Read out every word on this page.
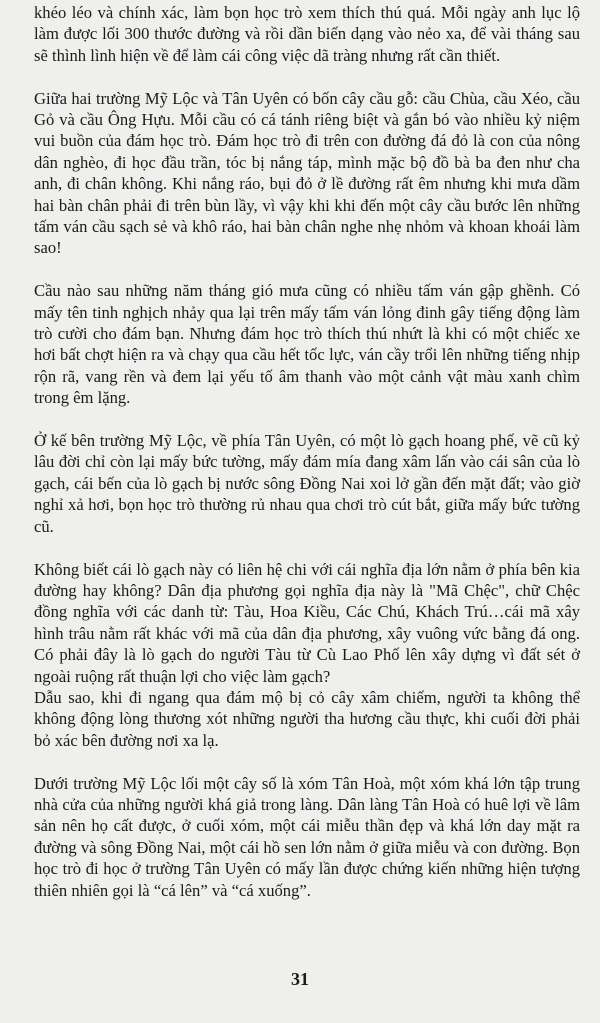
khéo léo và chính xác, làm bọn học trò xem thích thú quá. Mỗi ngày anh lục lộ làm được lối 300 thước đường và rồi dần biến dạng vào nẻo xa, để vài tháng sau sẽ thình lình hiện về để làm cái công việc dã tràng nhưng rất cần thiết.

Giữa hai trường Mỹ Lộc và Tân Uyên có bốn cây cầu gỗ: cầu Chùa, cầu Xéo, cầu Gỏ và cầu Ông Hựu. Mỗi cầu có cá tánh riêng biệt và gắn bó vào nhiều kỷ niệm vui buồn của đám học trò. Đám học trò đi trên con đường đá đỏ là con của nông dân nghèo, đi học đầu trần, tóc bị nắng táp, mình mặc bộ đồ bà ba đen như cha anh, đi chân không. Khi nắng ráo, bụi đỏ ở lề đường rất êm nhưng khi mưa dầm hai bàn chân phải đi trên bùn lầy, vì vậy khi khi đến một cây cầu bước lên những tấm ván cầu sạch sẻ và khô ráo, hai bàn chân nghe nhẹ nhỏm và khoan khoái làm sao!

Cầu nào sau những năm tháng gió mưa cũng có nhiều tấm ván gập ghềnh. Có mấy tên tinh nghịch nhảy qua lại trên mấy tấm ván lỏng đinh gây tiếng động làm trò cười cho đám bạn. Nhưng đám học trò thích thú nhứt là khi có một chiếc xe hơi bất chợt hiện ra và chạy qua cầu hết tốc lực, ván cầy trổi lên những tiếng nhịp rộn rã, vang rền và đem lại yếu tố âm thanh vào một cảnh vật màu xanh chìm trong êm lặng.

Ở kế bên trường Mỹ Lộc, về phía Tân Uyên, có một lò gạch hoang phế, vẽ cũ kỷ lâu đời chỉ còn lại mấy bức tường, mấy đám mía đang xâm lấn vào cái sân của lò gạch, cái bến của lò gạch bị nước sông Đồng Nai xoi lở gần đến mặt đất; vào giờ nghỉ xả hơi, bọn học trò thường rủ nhau qua chơi trò cút bắt, giữa mấy bức tường cũ.

Không biết cái lò gạch này có liên hệ chi với cái nghĩa địa lớn nằm ở phía bên kia đường hay không? Dân địa phương gọi nghĩa địa này là "Mã Chệc", chữ Chệc đồng nghĩa với các danh từ: Tàu, Hoa Kiều, Các Chú, Khách Trú…cái mã xây hình trâu nằm rất khác với mã của dân địa phương, xây vuông vức bằng đá ong. Có phải đây là lò gạch do người Tàu từ Cù Lao Phố lên xây dựng vì đất sét ở ngoài ruộng rất thuận lợi cho việc làm gạch?

Dẫu sao, khi đi ngang qua đám mộ bị cỏ cây xâm chiếm, người ta không thể không động lòng thương xót những người tha hương cầu thực, khi cuối đời phải bỏ xác bên đường nơi xa lạ.

Dưới trường Mỹ Lộc lối một cây số là xóm Tân Hoà, một xóm khá lớn tập trung nhà cửa của những người khá giả trong làng. Dân làng Tân Hoà có huê lợi về lâm sản nên họ cất được, ở cuối xóm, một cái miễu thần đẹp và khá lớn day mặt ra đường và sông Đồng Nai, một cái hồ sen lớn nằm ở giữa miễu và con đường. Bọn học trò đi học ở trường Tân Uyên có mấy lần được chứng kiến những hiện tượng thiên nhiên gọi là “cá lên” và “cá xuống”.

31
